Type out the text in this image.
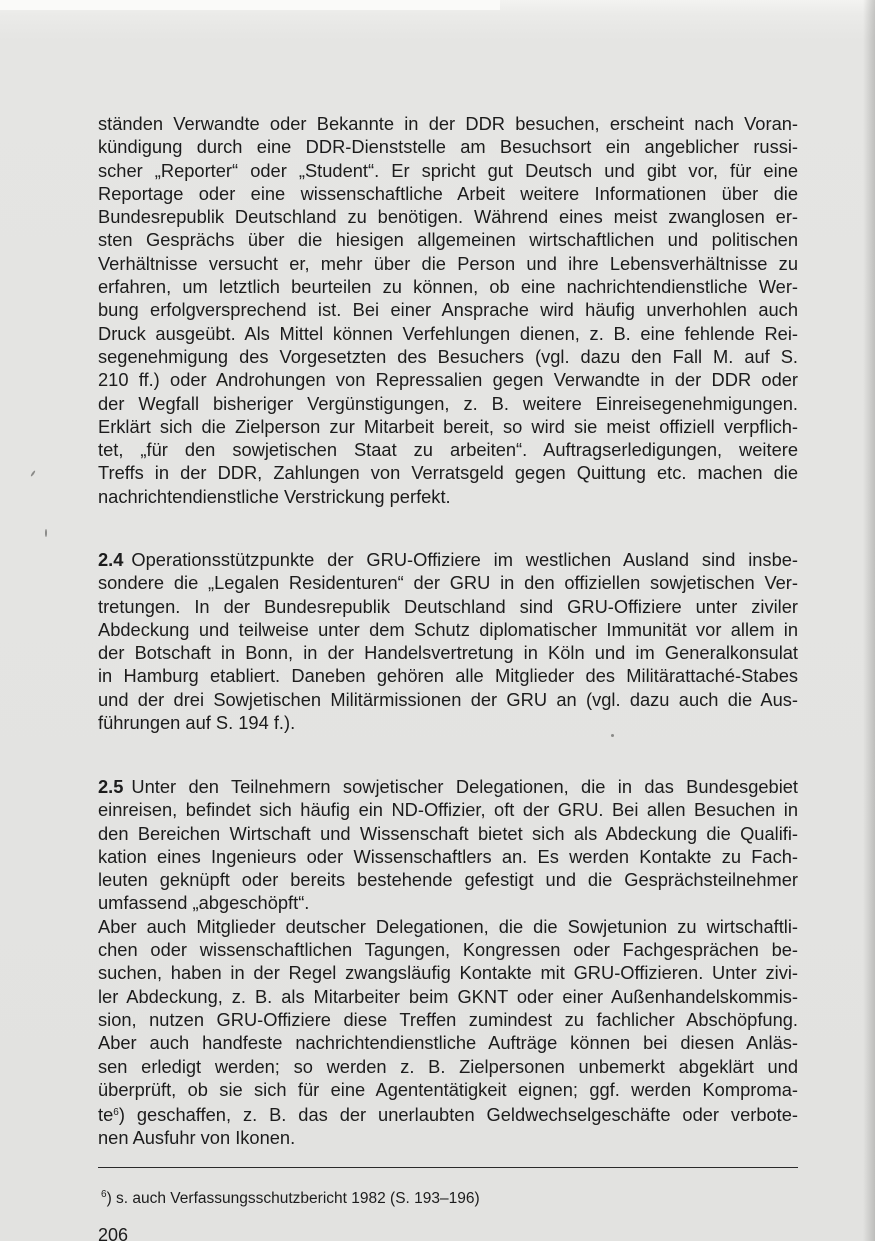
ständen Verwandte oder Bekannte in der DDR besuchen, erscheint nach Voran-
kündigung durch eine DDR-Dienststelle am Besuchsort ein angeblicher russi-
scher „Reporter“ oder „Student“. Er spricht gut Deutsch und gibt vor, für eine
Reportage oder eine wissenschaftliche Arbeit weitere Informationen über die
Bundesrepublik Deutschland zu benötigen. Während eines meist zwanglosen er-
sten Gesprächs über die hiesigen allgemeinen wirtschaftlichen und politischen
Verhältnisse versucht er, mehr über die Person und ihre Lebensverhältnisse zu
erfahren, um letztlich beurteilen zu können, ob eine nachrichtendienstliche Wer-
bung erfolgversprechend ist. Bei einer Ansprache wird häufig unverhohlen auch
Druck ausgeübt. Als Mittel können Verfehlungen dienen, z. B. eine fehlende Rei-
segenehmigung des Vorgesetzten des Besuchers (vgl. dazu den Fall M. auf S.
210 ff.) oder Androhungen von Repressalien gegen Verwandte in der DDR oder
der Wegfall bisheriger Vergünstigungen, z. B. weitere Einreisegenehmigungen.
Erklärt sich die Zielperson zur Mitarbeit bereit, so wird sie meist offiziell verpflich-
tet, „für den sowjetischen Staat zu arbeiten“. Auftragserledigungen, weitere
Treffs in der DDR, Zahlungen von Verratsgeld gegen Quittung etc. machen die
nachrichtendienstliche Verstrickung perfekt.

2.4 Operationsstützpunkte der GRU-Offiziere im westlichen Ausland sind insbe-
sondere die „Legalen Residenturen“ der GRU in den offiziellen sowjetischen Ver-
tretungen. In der Bundesrepublik Deutschland sind GRU-Offiziere unter ziviler
Abdeckung und teilweise unter dem Schutz diplomatischer Immunität vor allem in
der Botschaft in Bonn, in der Handelsvertretung in Köln und im Generalkonsulat
in Hamburg etabliert. Daneben gehören alle Mitglieder des Militärattaché-Stabes
und der drei Sowjetischen Militärmissionen der GRU an (vgl. dazu auch die Aus-
führungen auf S. 194 f.).

2.5 Unter den Teilnehmern sowjetischer Delegationen, die in das Bundesgebiet
einreisen, befindet sich häufig ein ND-Offizier, oft der GRU. Bei allen Besuchen in
den Bereichen Wirtschaft und Wissenschaft bietet sich als Abdeckung die Qualifi-
kation eines Ingenieurs oder Wissenschaftlers an. Es werden Kontakte zu Fach-
leuten geknüpft oder bereits bestehende gefestigt und die Gesprächsteilnehmer
umfassend „abgeschöpft“.
Aber auch Mitglieder deutscher Delegationen, die die Sowjetunion zu wirtschaftli-
chen oder wissenschaftlichen Tagungen, Kongressen oder Fachgesprächen be-
suchen, haben in der Regel zwangsläufig Kontakte mit GRU-Offizieren. Unter zivi-
ler Abdeckung, z. B. als Mitarbeiter beim GKNT oder einer Außenhandelskommis-
sion, nutzen GRU-Offiziere diese Treffen zumindest zu fachlicher Abschöpfung.
Aber auch handfeste nachrichtendienstliche Aufträge können bei diesen Anläs-
sen erledigt werden; so werden z. B. Zielpersonen unbemerkt abgeklärt und
überprüft, ob sie sich für eine Agententätigkeit eignen; ggf. werden Komproma-
te$^6$) geschaffen, z. B. das der unerlaubten Geldwechselgeschäfte oder verbote-
nen Ausfuhr von Ikonen.

$^6$) s. auch Verfassungsschutzbericht 1982 (S. 193–196)
206
